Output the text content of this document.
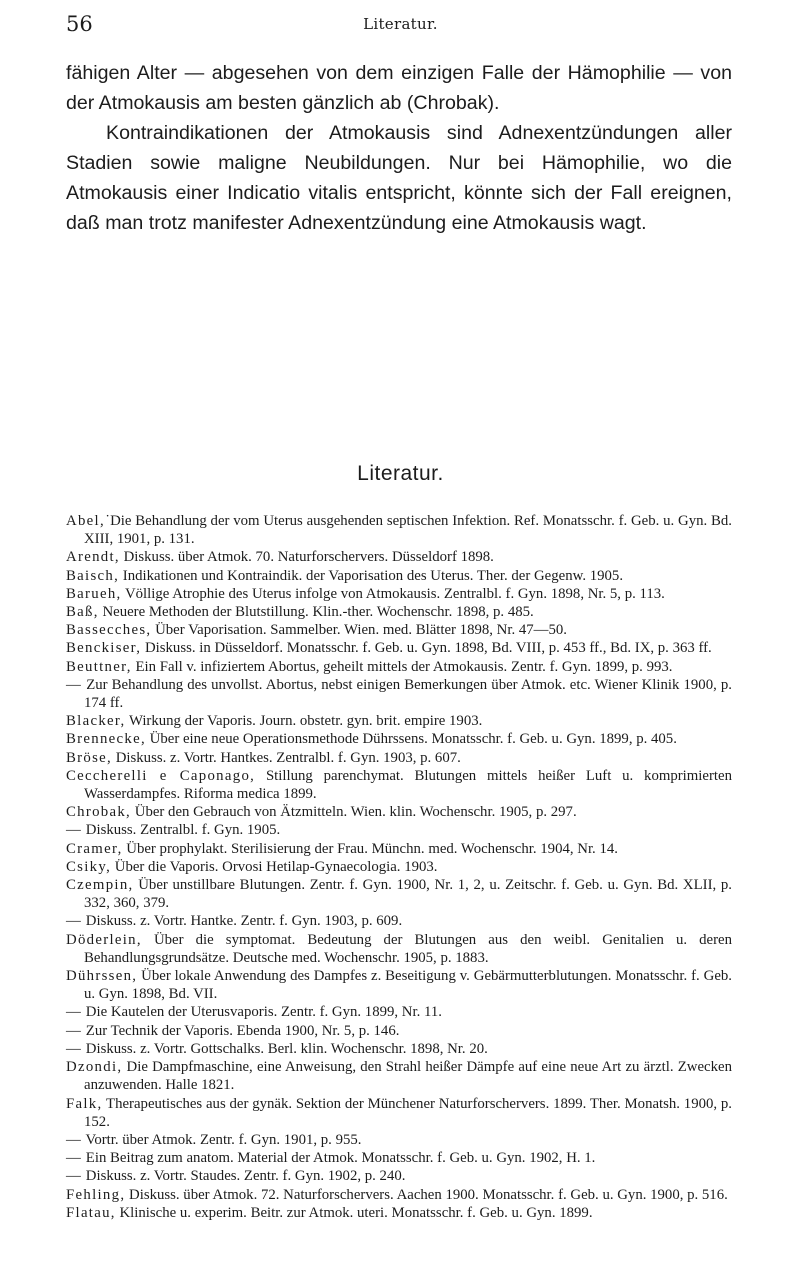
56	Literatur.

fähigen Alter — abgesehen von dem einzigen Falle der Hämophilie — von der Atmokausis am besten gänzlich ab (Chrobak).

Kontraindikationen der Atmokausis sind Adnexentzündungen aller Stadien sowie maligne Neubildungen. Nur bei Hämophilie, wo die Atmokausis einer Indicatio vitalis entspricht, könnte sich der Fall ereignen, daß man trotz manifester Adnexentzündung eine Atmokausis wagt.

Literatur.
Abel,˙Die Behandlung der vom Uterus ausgehenden septischen Infektion. Ref. Monatsschr. f. Geb. u. Gyn. Bd. XIII, 1901, p. 131.
Arendt, Diskuss. über Atmok. 70. Naturforschervers. Düsseldorf 1898.
Baisch, Indikationen und Kontraindik. der Vaporisation des Uterus. Ther. der Gegenw. 1905.
Barueh, Völlige Atrophie des Uterus infolge von Atmokausis. Zentralbl. f. Gyn. 1898, Nr. 5, p. 113.
Baß, Neuere Methoden der Blutstillung. Klin.-ther. Wochenschr. 1898, p. 485.
Bassecches, Über Vaporisation. Sammelber. Wien. med. Blätter 1898, Nr. 47—50.
Benckiser, Diskuss. in Düsseldorf. Monatsschr. f. Geb. u. Gyn. 1898, Bd. VIII, p. 453 ff., Bd. IX, p. 363 ff.
Beuttner, Ein Fall v. infiziertem Abortus, geheilt mittels der Atmokausis. Zentr. f. Gyn. 1899, p. 993.
— Zur Behandlung des unvollst. Abortus, nebst einigen Bemerkungen über Atmok. etc. Wiener Klinik 1900, p. 174 ff.
Blacker, Wirkung der Vaporis. Journ. obstetr. gyn. brit. empire 1903.
Brennecke, Über eine neue Operationsmethode Dührssens. Monatsschr. f. Geb. u. Gyn. 1899, p. 405.
Bröse, Diskuss. z. Vortr. Hantkes. Zentralbl. f. Gyn. 1903, p. 607.
Ceccherelli e Caponago, Stillung parenchymat. Blutungen mittels heißer Luft u. komprimierten Wasserdampfes. Riforma medica 1899.
Chrobak, Über den Gebrauch von Ätzmitteln. Wien. klin. Wochenschr. 1905, p. 297.
— Diskuss. Zentralbl. f. Gyn. 1905.
Cramer, Über prophylakt. Sterilisierung der Frau. Münchn. med. Wochenschr. 1904, Nr. 14.
Csiky, Über die Vaporis. Orvosi Hetilap-Gynaecologia. 1903.
Czempin, Über unstillbare Blutungen. Zentr. f. Gyn. 1900, Nr. 1, 2, u. Zeitschr. f. Geb. u. Gyn. Bd. XLII, p. 332, 360, 379.
— Diskuss. z. Vortr. Hantke. Zentr. f. Gyn. 1903, p. 609.
Döderlein, Über die symptomat. Bedeutung der Blutungen aus den weibl. Genitalien u. deren Behandlungsgrundsätze. Deutsche med. Wochenschr. 1905, p. 1883.
Dührssen, Über lokale Anwendung des Dampfes z. Beseitigung v. Gebärmutterblutungen. Monatsschr. f. Geb. u. Gyn. 1898, Bd. VII.
— Die Kautelen der Uterusvaporis. Zentr. f. Gyn. 1899, Nr. 11.
— Zur Technik der Vaporis. Ebenda 1900, Nr. 5, p. 146.
— Diskuss. z. Vortr. Gottschalks. Berl. klin. Wochenschr. 1898, Nr. 20.
Dzondi, Die Dampfmaschine, eine Anweisung, den Strahl heißer Dämpfe auf eine neue Art zu ärztl. Zwecken anzuwenden. Halle 1821.
Falk, Therapeutisches aus der gynäk. Sektion der Münchener Naturforschervers. 1899. Ther. Monatsh. 1900, p. 152.
— Vortr. über Atmok. Zentr. f. Gyn. 1901, p. 955.
— Ein Beitrag zum anatom. Material der Atmok. Monatsschr. f. Geb. u. Gyn. 1902, H. 1.
— Diskuss. z. Vortr. Staudes. Zentr. f. Gyn. 1902, p. 240.
Fehling, Diskuss. über Atmok. 72. Naturforschervers. Aachen 1900. Monatsschr. f. Geb. u. Gyn. 1900, p. 516.
Flatau, Klinische u. experim. Beitr. zur Atmok. uteri. Monatsschr. f. Geb. u. Gyn. 1899.
